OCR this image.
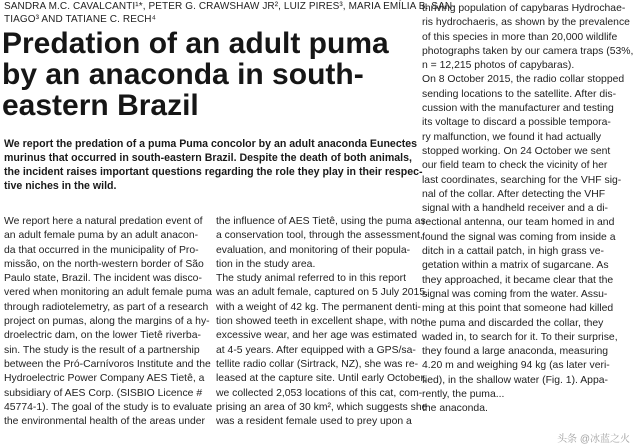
SANDRA M.C. CAVALCANTI¹*, PETER G. CRAWSHAW JR², LUIZ PIRES³, MARIA EMÍLIA B. SAN-
TIAGO³ AND TATIANE C. RECH⁴
Predation of an adult puma
by an anaconda in south-
eastern Brazil
We report the predation of a puma Puma concolor by an adult anaconda Eunectes
murinus that occurred in south-eastern Brazil. Despite the death of both animals,
the incident raises important questions regarding the role they play in their respec-
tive niches in the wild.
We report here a natural predation event of
an adult female puma by an adult anacon-
da that occurred in the municipality of Pro-
missão, on the north-western border of São
Paulo state, Brazil. The incident was disco-
vered when monitoring an adult female puma
through radiotelemetry, as part of a research
project on pumas, along the margins of a hy-
droelectric dam, on the lower Tietê riverba-
sin. The study is the result of a partnership
between the Pró-Carnívoros Institute and the
Hydroelectric Power Company AES Tietê, a
subsidiary of AES Corp. (SISBIO Licence #
45774-1). The goal of the study is to evaluate
the environmental health of the areas under
the influence of AES Tietê, using the puma as
a conservation tool, through the assessment,
evaluation, and monitoring of their popula-
tion in the study area.
The study animal referred to in this report
was an adult female, captured on 5 July 2015,
with a weight of 42 kg. The permanent denti-
tion showed teeth in excellent shape, with no
excessive wear, and her age was estimated
at 4-5 years. After equipped with a GPS/sa-
tellite radio collar (Sirtrack, NZ), she was re-
leased at the capture site. Until early October,
we collected 2,053 locations of this cat, com-
prising an area of 30 km², which suggests she
was a resident female used to prey upon a
thriving population of capybaras Hydrochae-
ris hydrochaeris, as shown by the prevalence
of this species in more than 20,000 wildlife
photographs taken by our camera traps (53%,
n = 12,215 photos of capybaras).
On 8 October 2015, the radio collar stopped
sending locations to the satellite. After dis-
cussion with the manufacturer and testing
its voltage to discard a possible tempora-
ry malfunction, we found it had actually
stopped working. On 24 October we sent
our field team to check the vicinity of her
last coordinates, searching for the VHF sig-
nal of the collar. After detecting the VHF
signal with a handheld receiver and a di-
rectional antenna, our team homed in and
found the signal was coming from inside a
ditch in a cattail patch, in high grass ve-
getation within a matrix of sugarcane. As
they approached, it became clear that the
signal was coming from the water. Assu-
ming at this point that someone had killed
the puma and discarded the collar, they
waded in, to search for it. To their surprise,
they found a large anaconda, measuring
4.20 m and weighing 94 kg (as later veri-
fied), in the shallow water (Fig. 1). Appa-
rently, the puma...
the anaconda.
头条 @冰蓝之火
